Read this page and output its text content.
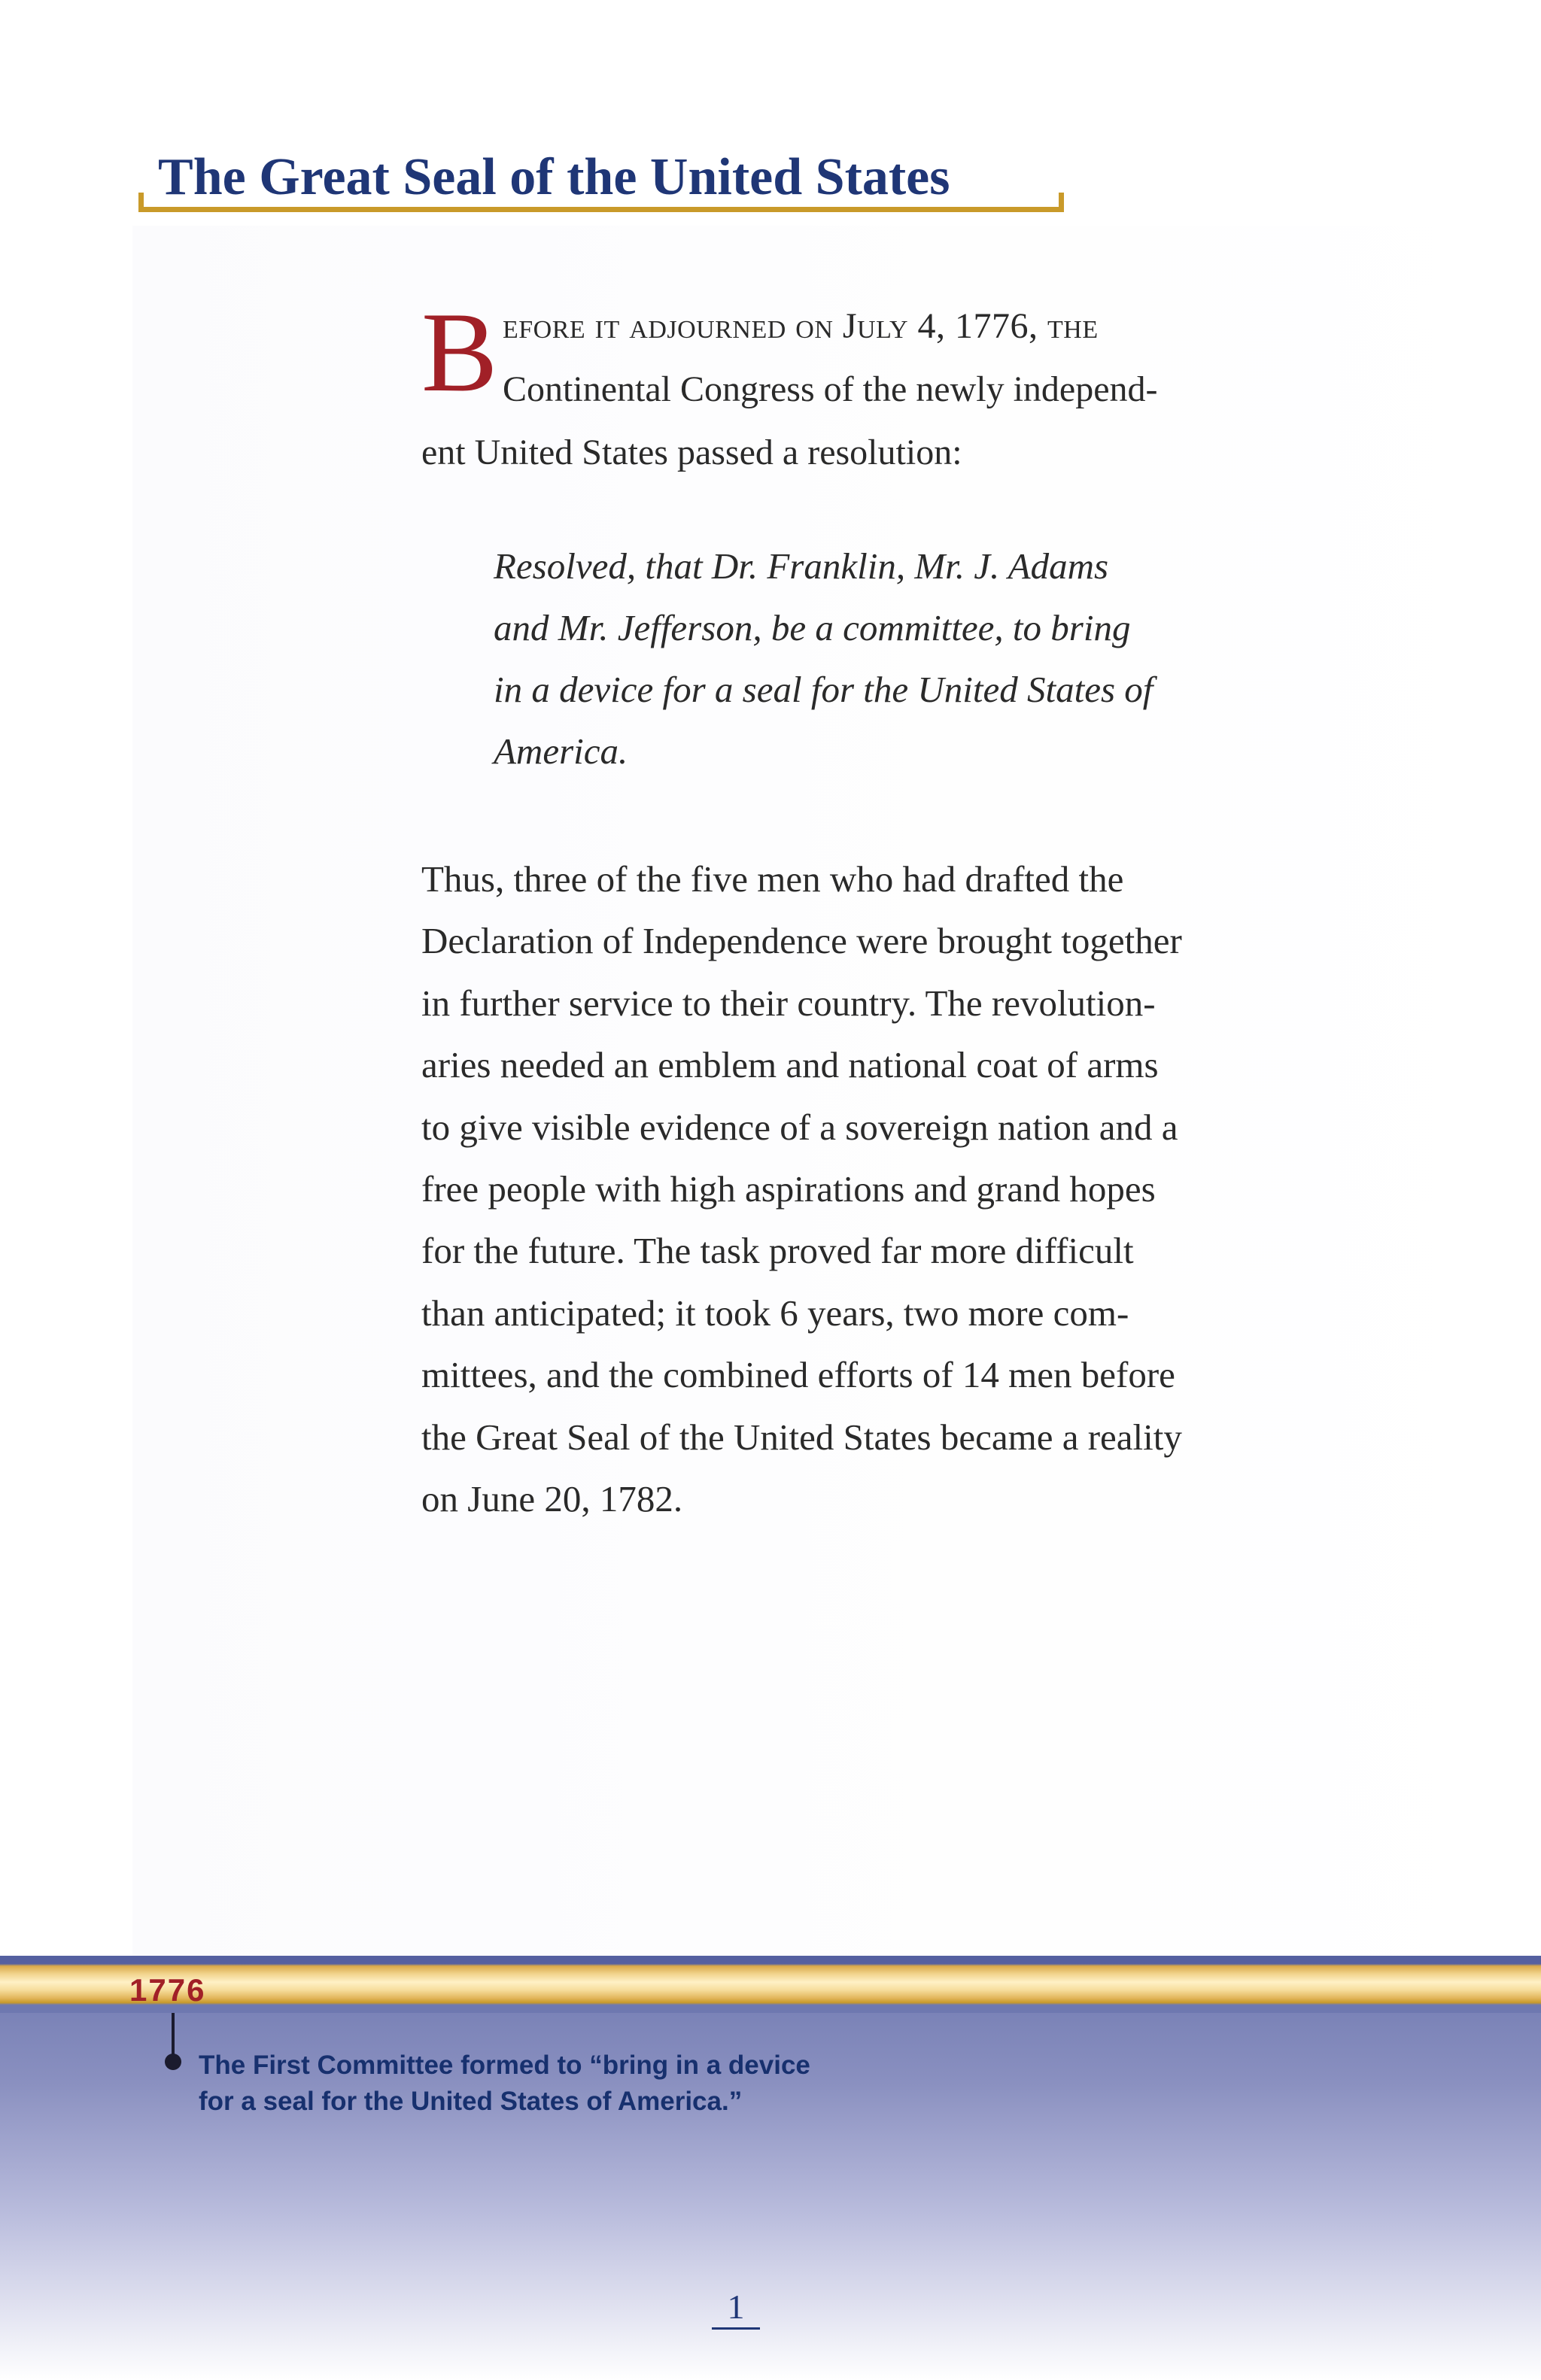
The Great Seal of the United States
B efore it adjourned on July 4, 1776, the
Continental Congress of the newly independ-
ent United States passed a resolution:
Resolved, that Dr. Franklin, Mr. J. Adams
and Mr. Jefferson, be a committee, to bring
in a device for a seal for the United States of
America.
Thus, three of the five men who had drafted the
Declaration of Independence were brought together
in further service to their country. The revolution-
aries needed an emblem and national coat of arms
to give visible evidence of a sovereign nation and a
free people with high aspirations and grand hopes
for the future. The task proved far more difficult
than anticipated; it took 6 years, two more com-
mittees, and the combined efforts of 14 men before
the Great Seal of the United States became a reality
on June 20, 1782.
1776
The First Committee formed to “bring in a device
for a seal for the United States of America.”
1
